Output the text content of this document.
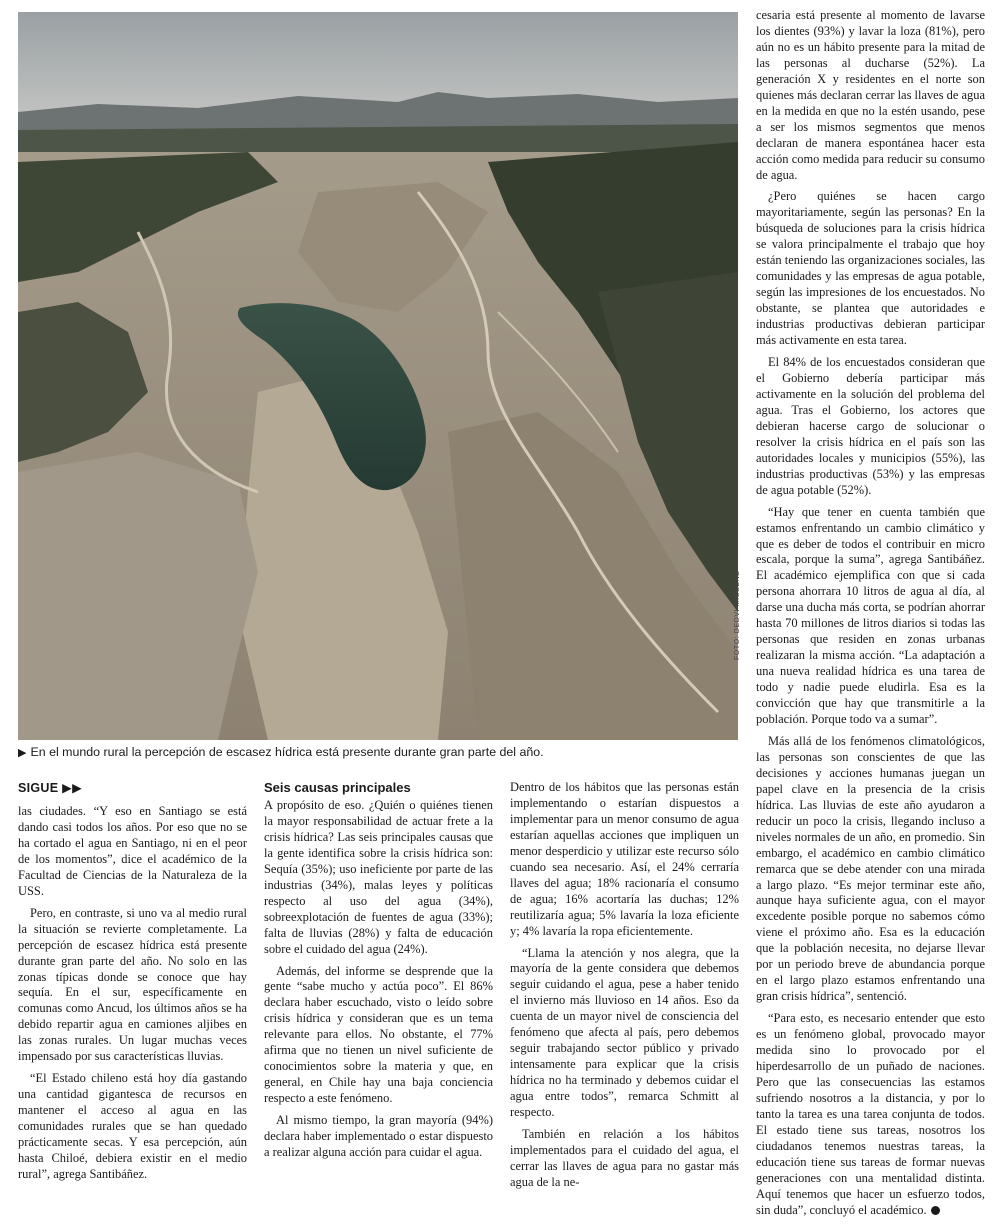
FOTO: DEDVI MISSENE
▶ En el mundo rural la percepción de escasez hídrica está presente durante gran parte del año.
SIGUE ▶▶

las ciudades. “Y eso en Santiago se está dando casi todos los años. Por eso que no se ha cortado el agua en Santiago, ni en el peor de los momentos”, dice el académico de la Facultad de Ciencias de la Naturaleza de la USS.

Pero, en contraste, si uno va al medio rural la situación se revierte completamente. La percepción de escasez hídrica está presente durante gran parte del año. No solo en las zonas típicas donde se conoce que hay sequía. En el sur, específicamente en comunas como Ancud, los últimos años se ha debido repartir agua en camiones aljibes en las zonas rurales. Un lugar muchas veces impensado por sus características lluvias.

“El Estado chileno está hoy día gastando una cantidad gigantesca de recursos en mantener el acceso al agua en las comunidades rurales que se han quedado prácticamente secas. Y esa percepción, aún hasta Chiloé, debiera existir en el medio rural”, agrega Santibáñez.

Seis causas principales

A propósito de eso. ¿Quién o quiénes tienen la mayor responsabilidad de actuar frete a la crisis hídrica? Las seis principales causas que la gente identifica sobre la crisis hídrica son: Sequía (35%); uso ineficiente por parte de las industrias (34%), malas leyes y políticas respecto al uso del agua (34%), sobreexplotación de fuentes de agua (33%); falta de lluvias (28%) y falta de educación sobre el cuidado del agua (24%).

Además, del informe se desprende que la gente “sabe mucho y actúa poco”. El 86% declara haber escuchado, visto o leído sobre crisis hídrica y consideran que es un tema relevante para ellos. No obstante, el 77% afirma que no tienen un nivel suficiente de conocimientos sobre la materia y que, en general, en Chile hay una baja conciencia respecto a este fenómeno.

Al mismo tiempo, la gran mayoría (94%) declara haber implementado o estar dispuesto a realizar alguna acción para cuidar el agua.

Dentro de los hábitos que las personas están implementando o estarían dispuestos a implementar para un menor consumo de agua estarían aquellas acciones que impliquen un menor desperdicio y utilizar este recurso sólo cuando sea necesario. Así, el 24% cerraría llaves del agua; 18% racionaría el consumo de agua; 16% acortaría las duchas; 12% reutilizaría agua; 5% lavaría la loza eficiente y; 4% lavaría la ropa eficientemente.

“Llama la atención y nos alegra, que la mayoría de la gente considera que debemos seguir cuidando el agua, pese a haber tenido el invierno más lluvioso en 14 años. Eso da cuenta de un mayor nivel de consciencia del fenómeno que afecta al país, pero debemos seguir trabajando sector público y privado intensamente para explicar que la crisis hídrica no ha terminado y debemos cuidar el agua entre todos”, remarca Schmitt al respecto.

También en relación a los hábitos implementados para el cuidado del agua, el cerrar las llaves de agua para no gastar más agua de la ne-

cesaria está presente al momento de lavarse los dientes (93%) y lavar la loza (81%), pero aún no es un hábito presente para la mitad de las personas al ducharse (52%). La generación X y residentes en el norte son quienes más declaran cerrar las llaves de agua en la medida en que no la estén usando, pese a ser los mismos segmentos que menos declaran de manera espontánea hacer esta acción como medida para reducir su consumo de agua.

¿Pero quiénes se hacen cargo mayoritariamente, según las personas? En la búsqueda de soluciones para la crisis hídrica se valora principalmente el trabajo que hoy están teniendo las organizaciones sociales, las comunidades y las empresas de agua potable, según las impresiones de los encuestados. No obstante, se plantea que autoridades e industrias productivas debieran participar más activamente en esta tarea.

El 84% de los encuestados consideran que el Gobierno debería participar más activamente en la solución del problema del agua. Tras el Gobierno, los actores que debieran hacerse cargo de solucionar o resolver la crisis hídrica en el país son las autoridades locales y municipios (55%), las industrias productivas (53%) y las empresas de agua potable (52%).

“Hay que tener en cuenta también que estamos enfrentando un cambio climático y que es deber de todos el contribuir en micro escala, porque la suma”, agrega Santibáñez. El académico ejemplifica con que si cada persona ahorrara 10 litros de agua al día, al darse una ducha más corta, se podrían ahorrar hasta 70 millones de litros diarios si todas las personas que residen en zonas urbanas realizaran la misma acción. “La adaptación a una nueva realidad hídrica es una tarea de todo y nadie puede eludirla. Esa es la convicción que hay que transmitirle a la población. Porque todo va a sumar”.

Más allá de los fenómenos climatológicos, las personas son conscientes de que las decisiones y acciones humanas juegan un papel clave en la presencia de la crisis hídrica. Las lluvias de este año ayudaron a reducir un poco la crisis, llegando incluso a niveles normales de un año, en promedio. Sin embargo, el académico en cambio climático remarca que se debe atender con una mirada a largo plazo. “Es mejor terminar este año, aunque haya suficiente agua, con el mayor excedente posible porque no sabemos cómo viene el próximo año. Esa es la educación que la población necesita, no dejarse llevar por un periodo breve de abundancia porque en el largo plazo estamos enfrentando una gran crisis hídrica”, sentenció.

“Para esto, es necesario entender que esto es un fenómeno global, provocado mayor medida sino lo provocado por el hiperdesarrollo de un puñado de naciones. Pero que las consecuencias las estamos sufriendo nosotros a la distancia, y por lo tanto la tarea es una tarea conjunta de todos. El estado tiene sus tareas, nosotros los ciudadanos tenemos nuestras tareas, la educación tiene sus tareas de formar nuevas generaciones con una mentalidad distinta. Aquí tenemos que hacer un esfuerzo todos, sin duda”, concluyó el académico.
